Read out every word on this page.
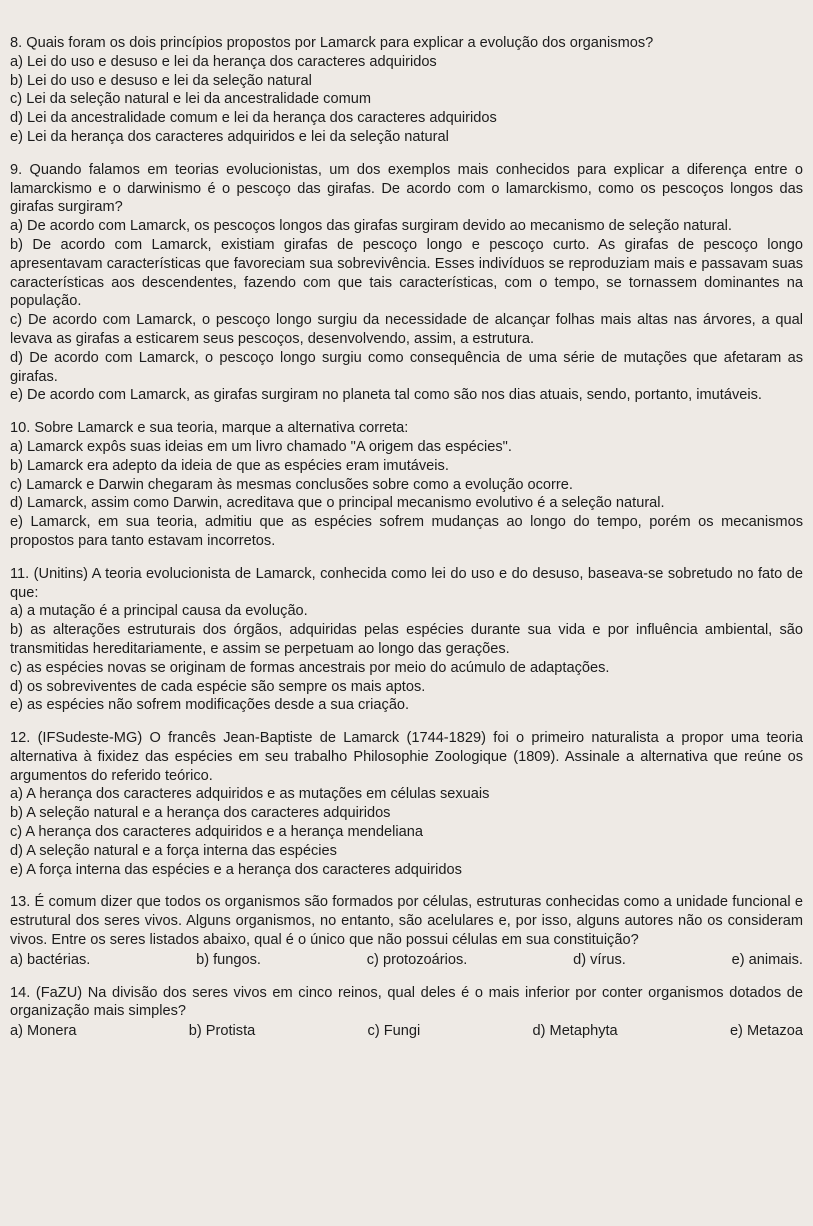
8. Quais foram os dois princípios propostos por Lamarck para explicar a evolução dos organismos?

a) Lei do uso e desuso e lei da herança dos caracteres adquiridos
b) Lei do uso e desuso e lei da seleção natural
c) Lei da seleção natural e lei da ancestralidade comum
d) Lei da ancestralidade comum e lei da herança dos caracteres adquiridos
e) Lei da herança dos caracteres adquiridos e lei da seleção natural

9. Quando falamos em teorias evolucionistas, um dos exemplos mais conhecidos para explicar a diferença entre o lamarckismo e o darwinismo é o pescoço das girafas. De acordo com o lamarckismo, como os pescoços longos das girafas surgiram?

a) De acordo com Lamarck, os pescoços longos das girafas surgiram devido ao mecanismo de seleção natural.
b) De acordo com Lamarck, existiam girafas de pescoço longo e pescoço curto. As girafas de pescoço longo apresentavam características que favoreciam sua sobrevivência. Esses indivíduos se reproduziam mais e passavam suas características aos descendentes, fazendo com que tais características, com o tempo, se tornassem dominantes na população.
c) De acordo com Lamarck, o pescoço longo surgiu da necessidade de alcançar folhas mais altas nas árvores, a qual levava as girafas a esticarem seus pescoços, desenvolvendo, assim, a estrutura.
d) De acordo com Lamarck, o pescoço longo surgiu como consequência de uma série de mutações que afetaram as girafas.
e) De acordo com Lamarck, as girafas surgiram no planeta tal como são nos dias atuais, sendo, portanto, imutáveis.

10. Sobre Lamarck e sua teoria, marque a alternativa correta:

a) Lamarck expôs suas ideias em um livro chamado "A origem das espécies".
b) Lamarck era adepto da ideia de que as espécies eram imutáveis.
c) Lamarck e Darwin chegaram às mesmas conclusões sobre como a evolução ocorre.
d) Lamarck, assim como Darwin, acreditava que o principal mecanismo evolutivo é a seleção natural.
e) Lamarck, em sua teoria, admitiu que as espécies sofrem mudanças ao longo do tempo, porém os mecanismos propostos para tanto estavam incorretos.

11. (Unitins) A teoria evolucionista de Lamarck, conhecida como lei do uso e do desuso, baseava-se sobretudo no fato de que:

a) a mutação é a principal causa da evolução.
b) as alterações estruturais dos órgãos, adquiridas pelas espécies durante sua vida e por influência ambiental, são transmitidas hereditariamente, e assim se perpetuam ao longo das gerações.
c) as espécies novas se originam de formas ancestrais por meio do acúmulo de adaptações.
d) os sobreviventes de cada espécie são sempre os mais aptos.
e) as espécies não sofrem modificações desde a sua criação.

12. (IFSudeste-MG) O francês Jean-Baptiste de Lamarck (1744-1829) foi o primeiro naturalista a propor uma teoria alternativa à fixidez das espécies em seu trabalho Philosophie Zoologique (1809). Assinale a alternativa que reúne os argumentos do referido teórico.

a) A herança dos caracteres adquiridos e as mutações em células sexuais
b) A seleção natural e a herança dos caracteres adquiridos
c) A herança dos caracteres adquiridos e a herança mendeliana
d) A seleção natural e a força interna das espécies
e) A força interna das espécies e a herança dos caracteres adquiridos

13. É comum dizer que todos os organismos são formados por células, estruturas conhecidas como a unidade funcional e estrutural dos seres vivos. Alguns organismos, no entanto, são acelulares e, por isso, alguns autores não os consideram vivos. Entre os seres listados abaixo, qual é o único que não possui células em sua constituição?

a) bactérias.	b) fungos.	c) protozoários.	d) vírus.	e) animais.

14. (FaZU) Na divisão dos seres vivos em cinco reinos, qual deles é o mais inferior por conter organismos dotados de organização mais simples?

a) Monera	b) Protista	c) Fungi	d) Metaphyta	e) Metazoa
